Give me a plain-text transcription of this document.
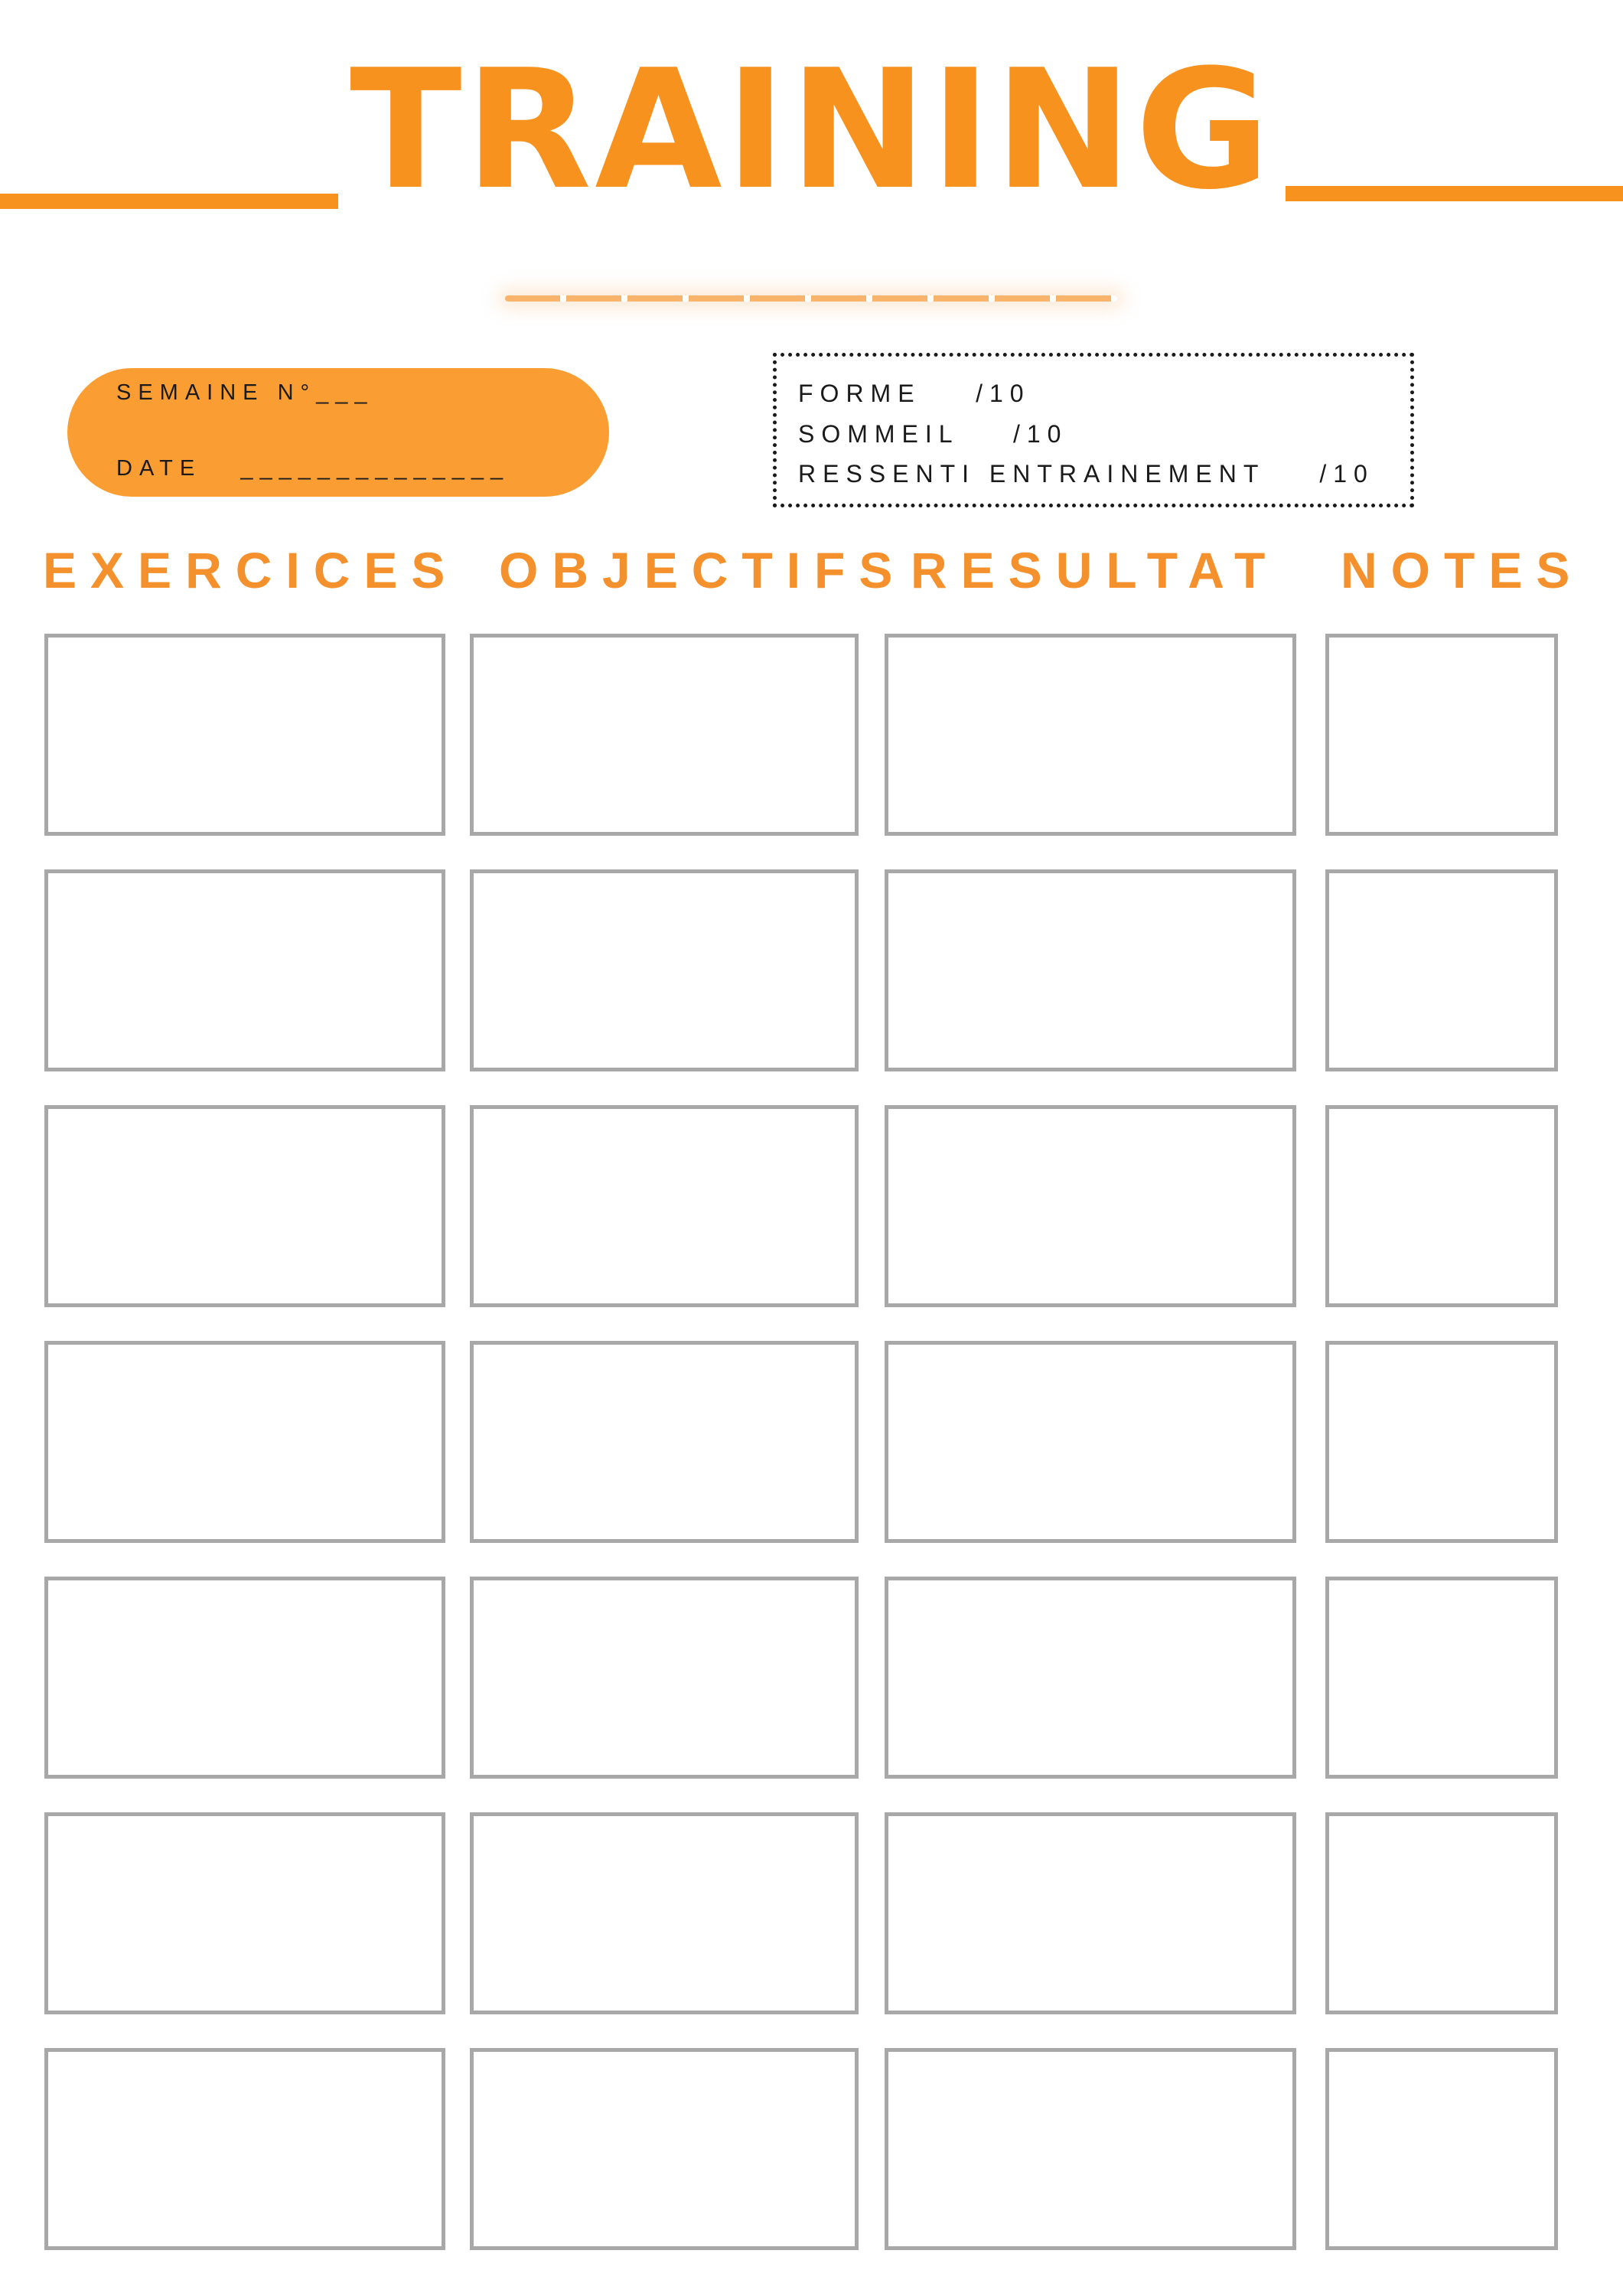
TRAINING
SEMAINE N°___
DATE   ______________
FORME    /10
SOMMEIL    /10
RESSENTI ENTRAINEMENT    /10
EXERCICES OBJECTIFS RESULTAT NOTES
